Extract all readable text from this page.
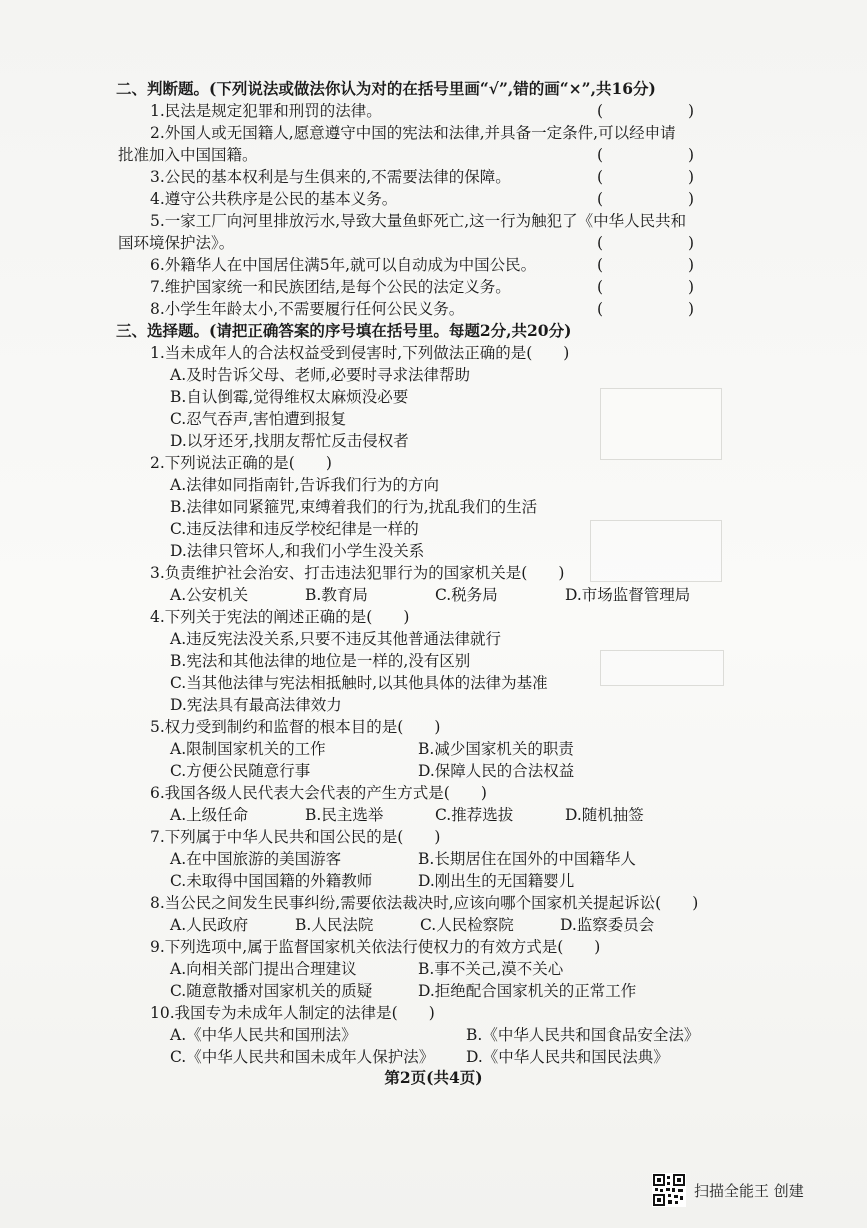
二、判断题。(下列说法或做法你认为对的在括号里画“√”,错的画“×”,共16分)
1.民法是规定犯罪和刑罚的法律。	( )
2.外国人或无国籍人,愿意遵守中国的宪法和法律,并具备一定条件,可以经申请
批准加入中国国籍。	( )
3.公民的基本权利是与生俱来的,不需要法律的保障。	( )
4.遵守公共秩序是公民的基本义务。	( )
5.一家工厂向河里排放污水,导致大量鱼虾死亡,这一行为触犯了《中华人民共和
国环境保护法》。	( )
6.外籍华人在中国居住满5年,就可以自动成为中国公民。	( )
7.维护国家统一和民族团结,是每个公民的法定义务。	( )
8.小学生年龄太小,不需要履行任何公民义务。	( )
三、选择题。(请把正确答案的序号填在括号里。每题2分,共20分)
1.当未成年人的合法权益受到侵害时,下列做法正确的是(　　)
A.及时告诉父母、老师,必要时寻求法律帮助
B.自认倒霉,觉得维权太麻烦没必要
C.忍气吞声,害怕遭到报复
D.以牙还牙,找朋友帮忙反击侵权者
2.下列说法正确的是(　　)
A.法律如同指南针,告诉我们行为的方向
B.法律如同紧箍咒,束缚着我们的行为,扰乱我们的生活
C.违反法律和违反学校纪律是一样的
D.法律只管坏人,和我们小学生没关系
3.负责维护社会治安、打击违法犯罪行为的国家机关是(　　)
A.公安机关	B.教育局	C.税务局	D.市场监督管理局
4.下列关于宪法的阐述正确的是(　　)
A.违反宪法没关系,只要不违反其他普通法律就行
B.宪法和其他法律的地位是一样的,没有区别
C.当其他法律与宪法相抵触时,以其他具体的法律为基准
D.宪法具有最高法律效力
5.权力受到制约和监督的根本目的是(　　)
A.限制国家机关的工作	B.减少国家机关的职责
C.方便公民随意行事	D.保障人民的合法权益
6.我国各级人民代表大会代表的产生方式是(　　)
A.上级任命	B.民主选举	C.推荐选拔	D.随机抽签
7.下列属于中华人民共和国公民的是(　　)
A.在中国旅游的美国游客	B.长期居住在国外的中国籍华人
C.未取得中国国籍的外籍教师	D.刚出生的无国籍婴儿
8.当公民之间发生民事纠纷,需要依法裁决时,应该向哪个国家机关提起诉讼(　　)
A.人民政府	B.人民法院	C.人民检察院	D.监察委员会
9.下列选项中,属于监督国家机关依法行使权力的有效方式是(　　)
A.向相关部门提出合理建议	B.事不关己,漠不关心
C.随意散播对国家机关的质疑	D.拒绝配合国家机关的正常工作
10.我国专为未成年人制定的法律是(　　)
A.《中华人民共和国刑法》	B.《中华人民共和国食品安全法》
C.《中华人民共和国未成年人保护法》	D.《中华人民共和国民法典》
第2页(共4页)
扫描全能王 创建
